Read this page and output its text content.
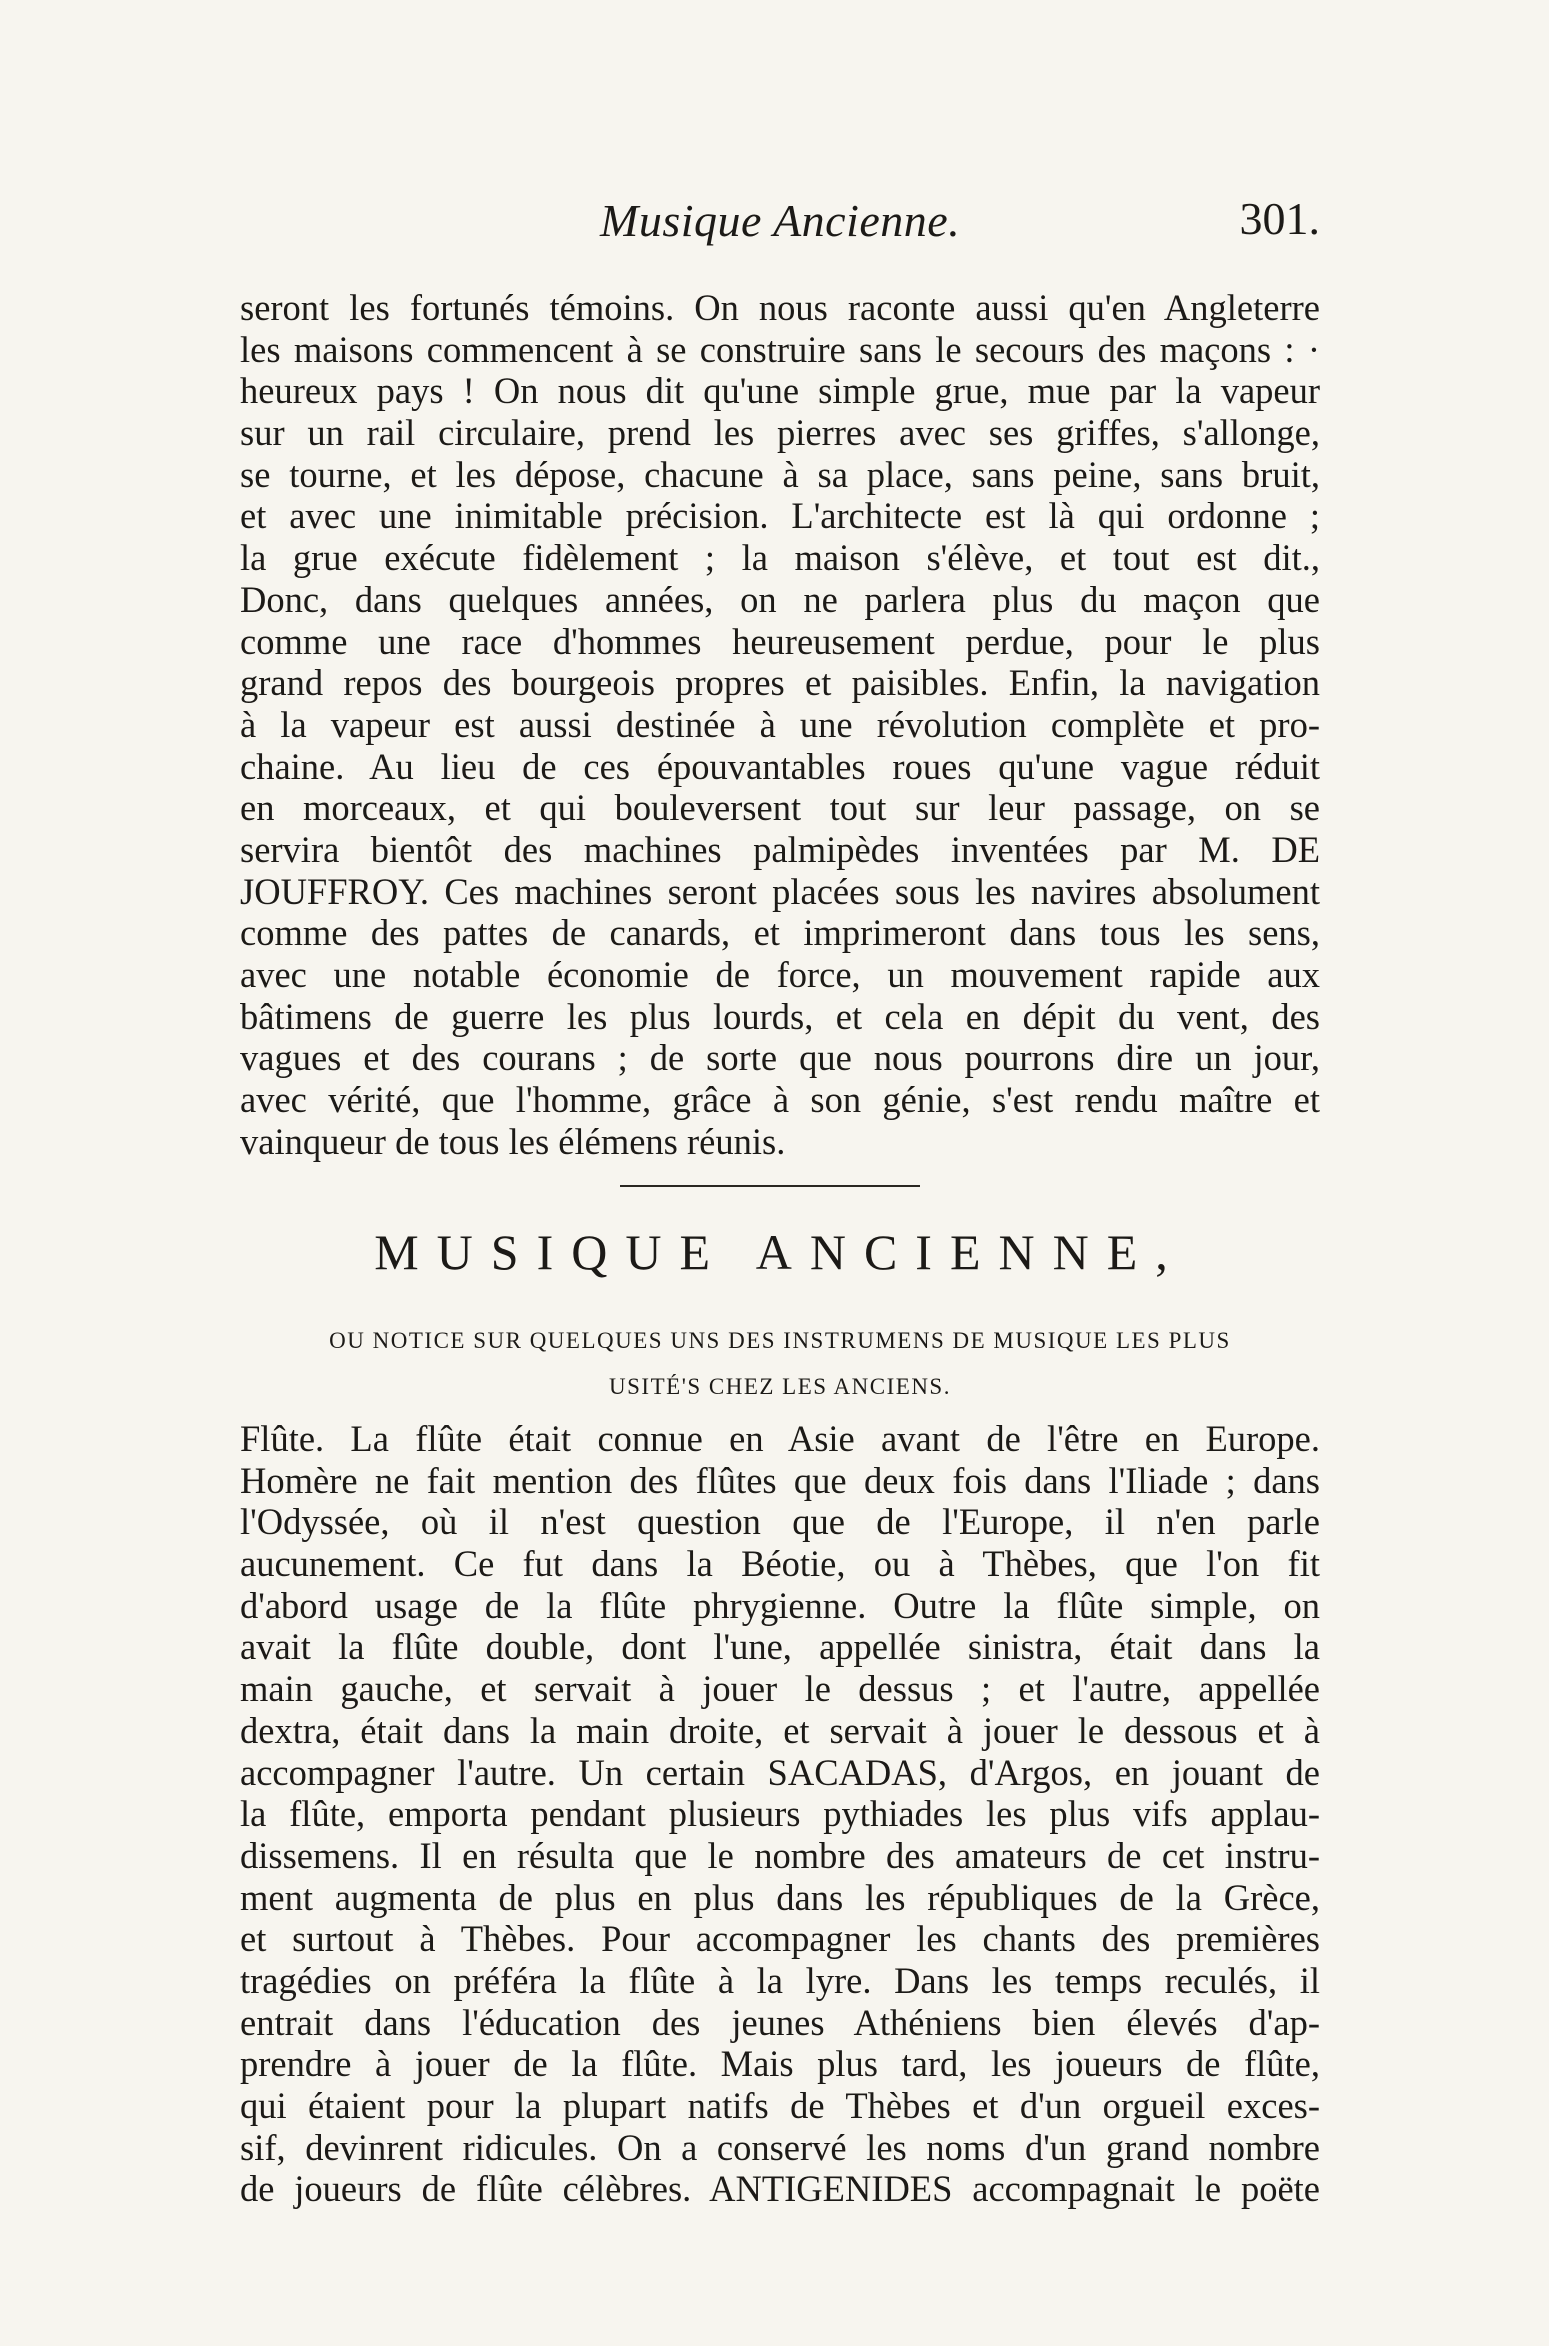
Musique Ancienne.	301.
seront les fortunés témoins. On nous raconte aussi qu'en Angleterre
les maisons commencent à se construire sans le secours des maçons : ·
heureux pays ! On nous dit qu'une simple grue, mue par la vapeur
sur un rail circulaire, prend les pierres avec ses griffes, s'allonge,
se tourne, et les dépose, chacune à sa place, sans peine, sans bruit,
et avec une inimitable précision. L'architecte est là qui ordonne ;
la grue exécute fidèlement ; la maison s'élève, et tout est dit.,
Donc, dans quelques années, on ne parlera plus du maçon que
comme une race d'hommes heureusement perdue, pour le plus
grand repos des bourgeois propres et paisibles. Enfin, la navigation
à la vapeur est aussi destinée à une révolution complète et pro-
chaine. Au lieu de ces épouvantables roues qu'une vague réduit
en morceaux, et qui bouleversent tout sur leur passage, on se
servira bientôt des machines palmipèdes inventées par M. DE
JOUFFROY. Ces machines seront placées sous les navires absolument
comme des pattes de canards, et imprimeront dans tous les sens,
avec une notable économie de force, un mouvement rapide aux
bâtimens de guerre les plus lourds, et cela en dépit du vent, des
vagues et des courans ; de sorte que nous pourrons dire un jour,
avec vérité, que l'homme, grâce à son génie, s'est rendu maître et
vainqueur de tous les élémens réunis.
MUSIQUE ANCIENNE,
OU NOTICE SUR QUELQUES UNS DES INSTRUMENS DE MUSIQUE LES PLUS
USITÉ'S CHEZ LES ANCIENS.
Flûte. La flûte était connue en Asie avant de l'être en Europe.
Homère ne fait mention des flûtes que deux fois dans l'Iliade ; dans
l'Odyssée, où il n'est question que de l'Europe, il n'en parle
aucunement. Ce fut dans la Béotie, ou à Thèbes, que l'on fit
d'abord usage de la flûte phrygienne. Outre la flûte simple, on
avait la flûte double, dont l'une, appellée sinistra, était dans la
main gauche, et servait à jouer le dessus ; et l'autre, appellée
dextra, était dans la main droite, et servait à jouer le dessous et à
accompagner l'autre. Un certain SACADAS, d'Argos, en jouant de
la flûte, emporta pendant plusieurs pythiades les plus vifs applau-
dissemens. Il en résulta que le nombre des amateurs de cet instru-
ment augmenta de plus en plus dans les républiques de la Grèce,
et surtout à Thèbes. Pour accompagner les chants des premières
tragédies on préféra la flûte à la lyre. Dans les temps reculés, il
entrait dans l'éducation des jeunes Athéniens bien élevés d'ap-
prendre à jouer de la flûte. Mais plus tard, les joueurs de flûte,
qui étaient pour la plupart natifs de Thèbes et d'un orgueil exces-
sif, devinrent ridicules. On a conservé les noms d'un grand nombre
de joueurs de flûte célèbres. ANTIGENIDES accompagnait le poëte
